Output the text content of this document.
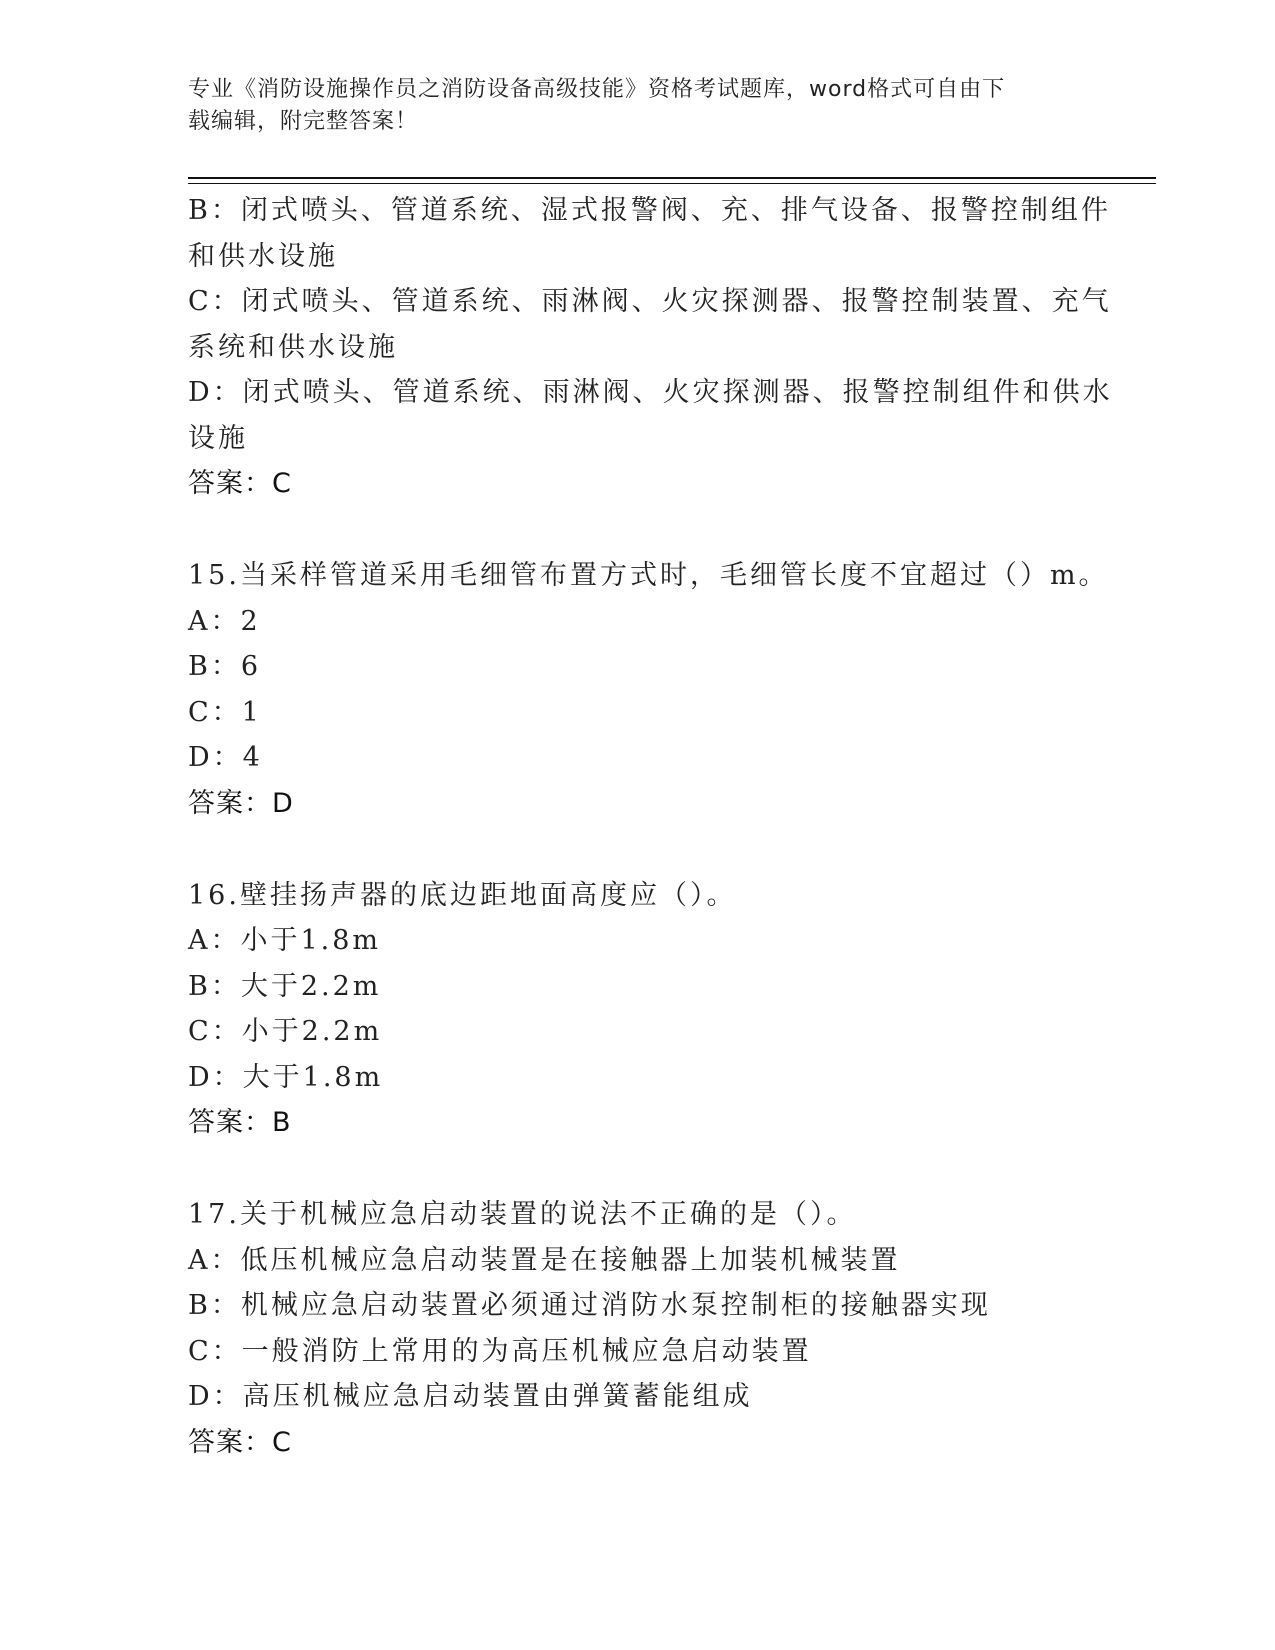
专业《消防设施操作员之消防设备高级技能》资格考试题库，word格式可自由下
载编辑，附完整答案！
B：闭式喷头、管道系统、湿式报警阀、充、排气设备、报警控制组件
和供水设施
C：闭式喷头、管道系统、雨淋阀、火灾探测器、报警控制装置、充气
系统和供水设施
D：闭式喷头、管道系统、雨淋阀、火灾探测器、报警控制组件和供水
设施
答案：C
15.当采样管道采用毛细管布置方式时，毛细管长度不宜超过（）m。
A：2
B：6
C：1
D：4
答案：D
16.壁挂扬声器的底边距地面高度应（）。
A：小于1.8m
B：大于2.2m
C：小于2.2m
D：大于1.8m
答案：B
17.关于机械应急启动装置的说法不正确的是（）。
A：低压机械应急启动装置是在接触器上加装机械装置
B：机械应急启动装置必须通过消防水泵控制柜的接触器实现
C：一般消防上常用的为高压机械应急启动装置
D：高压机械应急启动装置由弹簧蓄能组成
答案：C
